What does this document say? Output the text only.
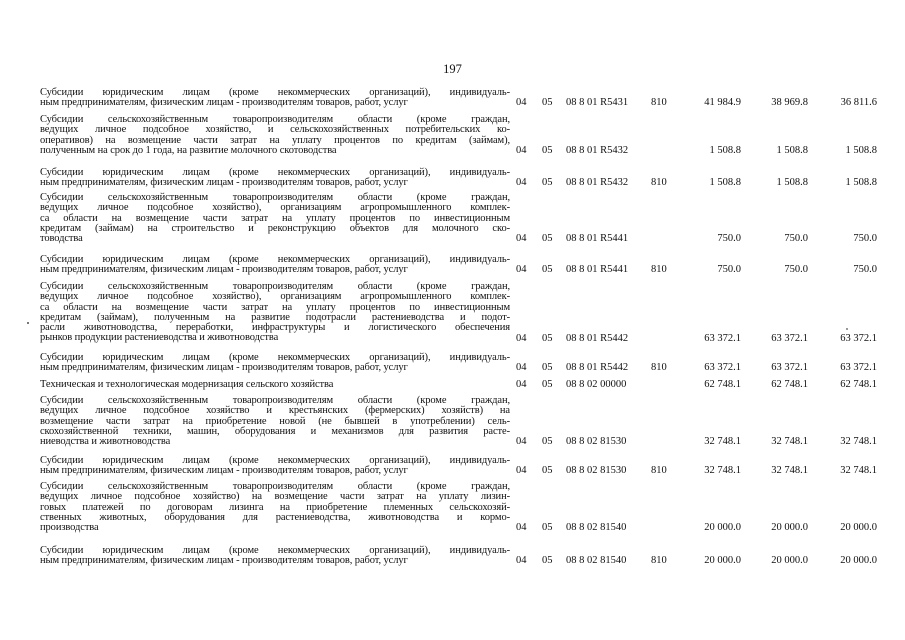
197
Субсидии юридическим лицам (кроме некоммерческих организаций), индивидуаль-
ным предпринимателям, физическим лицам - производителям товаров, работ, услуг	04	05	08 8 01 R5431	810	41 984.9	38 969.8	36 811.6
Субсидии сельскохозяйственным товаропроизводителям области (кроме граждан,
ведущих личное подсобное хозяйство, и сельскохозяйственных потребительских ко-
оперативов) на возмещение части затрат на уплату процентов по кредитам (займам),
полученным на срок до 1 года, на развитие молочного скотоводства	04	05	08 8 01 R5432	1 508.8	1 508.8	1 508.8
Субсидии юридическим лицам (кроме некоммерческих организаций), индивидуаль-
ным предпринимателям, физическим лицам - производителям товаров, работ, услуг	04	05	08 8 01 R5432	810	1 508.8	1 508.8	1 508.8
Субсидии сельскохозяйственным товаропроизводителям области (кроме граждан,
ведущих личное подсобное хозяйство), организациям агропромышленного комплек-
са области на возмещение части затрат на уплату процентов по инвестиционным
кредитам (займам) на строительство и реконструкцию объектов для молочного ско-
товодства	04	05	08 8 01 R5441	750.0	750.0	750.0
Субсидии юридическим лицам (кроме некоммерческих организаций), индивидуаль-
ным предпринимателям, физическим лицам - производителям товаров, работ, услуг	04	05	08 8 01 R5441	810	750.0	750.0	750.0
Субсидии сельскохозяйственным товаропроизводителям области (кроме граждан,
ведущих личное подсобное хозяйство), организациям агропромышленного комплек-
са области на возмещение части затрат на уплату процентов по инвестиционным
кредитам (займам), полученным на развитие подотрасли растениеводства и подот-
расли животноводства, переработки, инфраструктуры и логистического обеспечения
рынков продукции растениеводства и животноводства	04	05	08 8 01 R5442	63 372.1	63 372.1	63 372.1
Субсидии юридическим лицам (кроме некоммерческих организаций), индивидуаль-
ным предпринимателям, физическим лицам - производителям товаров, работ, услуг	04	05	08 8 01 R5442	810	63 372.1	63 372.1	63 372.1
Техническая и технологическая модернизация сельского хозяйства	04	05	08 8 02 00000	62 748.1	62 748.1	62 748.1
Субсидии сельскохозяйственным товаропроизводителям области (кроме граждан,
ведущих личное подсобное хозяйство и крестьянских (фермерских) хозяйств) на
возмещение части затрат на приобретение новой (не бывшей в употреблении) сель-
скохозяйственной техники, машин, оборудования и механизмов для развития расте-
ниеводства и животноводства	04	05	08 8 02 81530	32 748.1	32 748.1	32 748.1
Субсидии юридическим лицам (кроме некоммерческих организаций), индивидуаль-
ным предпринимателям, физическим лицам - производителям товаров, работ, услуг	04	05	08 8 02 81530	810	32 748.1	32 748.1	32 748.1
Субсидии сельскохозяйственным товаропроизводителям области (кроме граждан,
ведущих личное подсобное хозяйство) на возмещение части затрат на уплату лизин-
говых платежей по договорам лизинга на приобретение племенных сельскохозяй-
ственных животных, оборудования для растениеводства, животноводства и кормо-
производства	04	05	08 8 02 81540	20 000.0	20 000.0	20 000.0
Субсидии юридическим лицам (кроме некоммерческих организаций), индивидуаль-
ным предпринимателям, физическим лицам - производителям товаров, работ, услуг	04	05	08 8 02 81540	810	20 000.0	20 000.0	20 000.0
